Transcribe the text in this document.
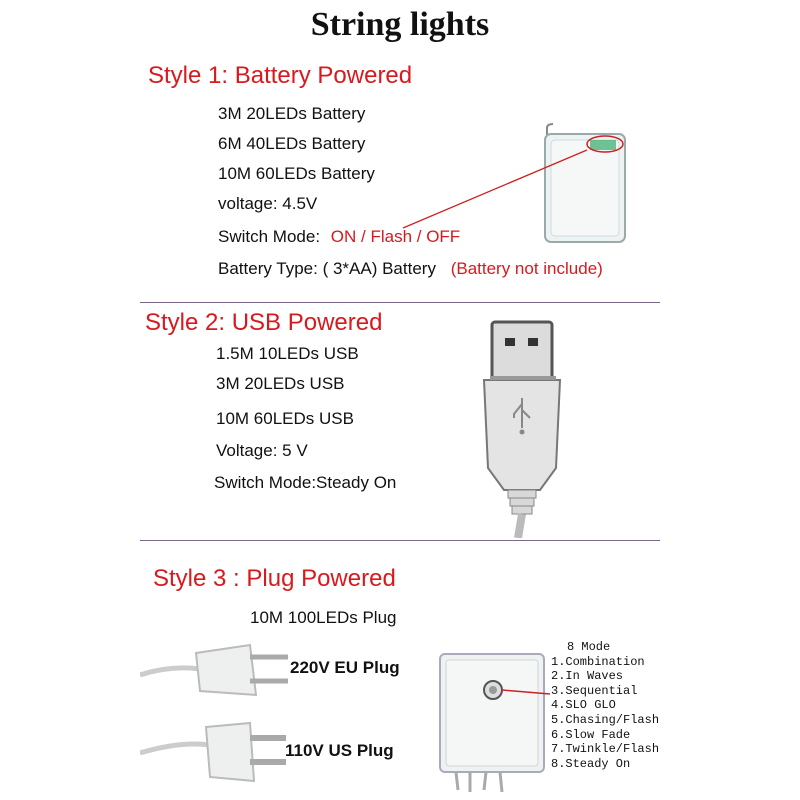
String lights
Style 1: Battery Powered
3M 20LEDs Battery
6M 40LEDs Battery
10M 60LEDs Battery
voltage: 4.5V
Switch Mode: ON / Flash / OFF
Battery Type: ( 3*AA) Battery (Battery not include)
Style 2: USB Powered
1.5M 10LEDs USB
3M 20LEDs USB
10M 60LEDs USB
Voltage: 5 V
Switch Mode:Steady On
Style 3 : Plug Powered
10M 100LEDs Plug
220V EU Plug
110V US Plug
8 Mode
1.Combination
2.In Waves
3.Sequential
4.SLO GLO
5.Chasing/Flash
6.Slow Fade
7.Twinkle/Flash
8.Steady On
